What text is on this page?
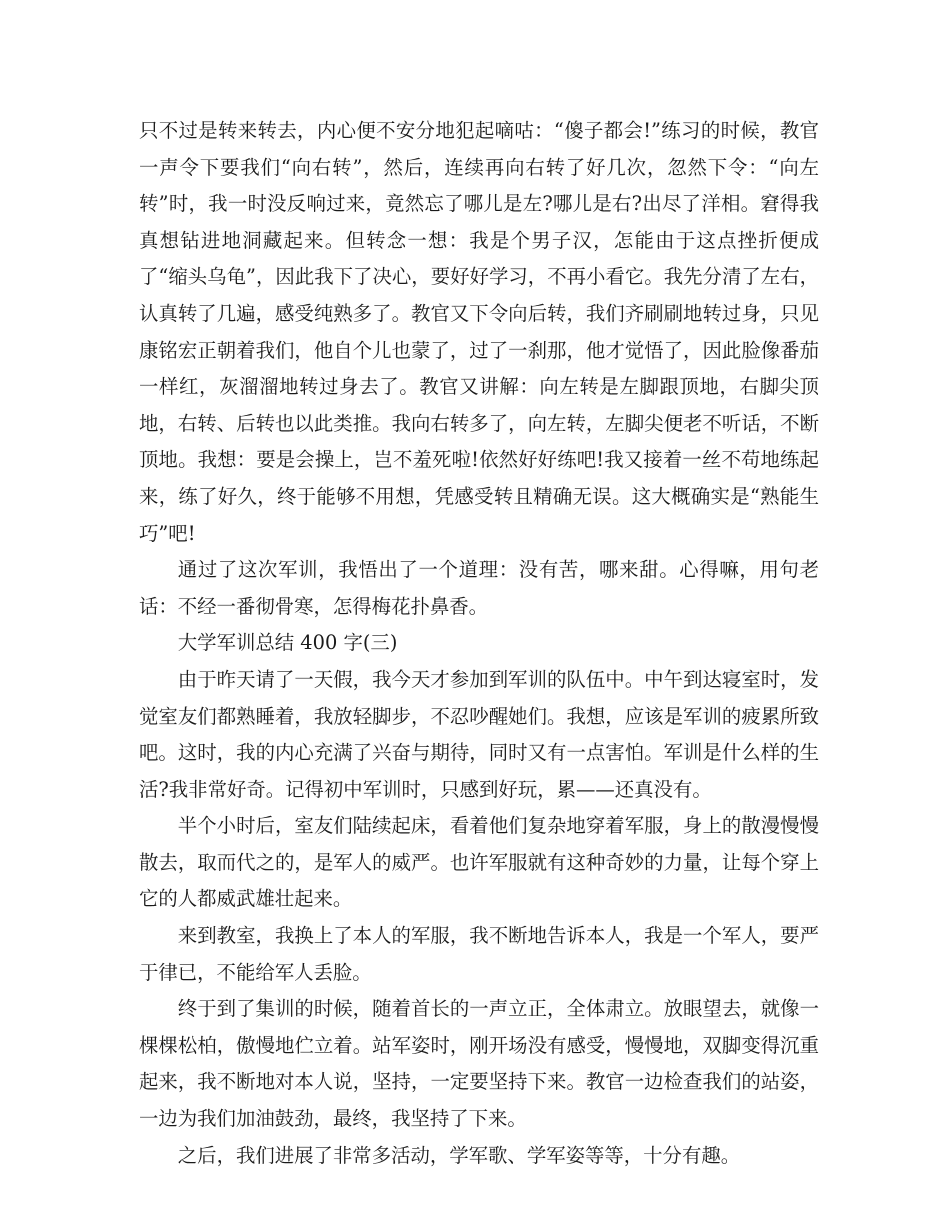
只不过是转来转去，内心便不安分地犯起嘀咕：“傻子都会!”练习的时候，教官一声令下要我们“向右转”，然后，连续再向右转了好几次，忽然下令：“向左转”时，我一时没反响过来，竟然忘了哪儿是左?哪儿是右?出尽了洋相。窘得我真想钻进地洞藏起来。但转念一想：我是个男子汉，怎能由于这点挫折便成了“缩头乌龟”，因此我下了决心，要好好学习，不再小看它。我先分清了左右，认真转了几遍，感受纯熟多了。教官又下令向后转，我们齐刷刷地转过身，只见康铭宏正朝着我们，他自个儿也蒙了，过了一刹那，他才觉悟了，因此脸像番茄一样红，灰溜溜地转过身去了。教官又讲解：向左转是左脚跟顶地，右脚尖顶地，右转、后转也以此类推。我向右转多了，向左转，左脚尖便老不听话，不断顶地。我想：要是会操上，岂不羞死啦!依然好好练吧!我又接着一丝不苟地练起来，练了好久，终于能够不用想，凭感受转且精确无误。这大概确实是“熟能生巧”吧!

通过了这次军训，我悟出了一个道理：没有苦，哪来甜。心得嘛，用句老话：不经一番彻骨寒，怎得梅花扑鼻香。

大学军训总结 400 字(三)

由于昨天请了一天假，我今天才参加到军训的队伍中。中午到达寝室时，发觉室友们都熟睡着，我放轻脚步，不忍吵醒她们。我想，应该是军训的疲累所致吧。这时，我的内心充满了兴奋与期待，同时又有一点害怕。军训是什么样的生活?我非常好奇。记得初中军训时，只感到好玩，累——还真没有。

半个小时后，室友们陆续起床，看着他们复杂地穿着军服，身上的散漫慢慢散去，取而代之的，是军人的威严。也许军服就有这种奇妙的力量，让每个穿上它的人都威武雄壮起来。

来到教室，我换上了本人的军服，我不断地告诉本人，我是一个军人，要严于律已，不能给军人丢脸。

终于到了集训的时候，随着首长的一声立正，全体肃立。放眼望去，就像一棵棵松柏，傲慢地伫立着。站军姿时，刚开场没有感受，慢慢地，双脚变得沉重起来，我不断地对本人说，坚持，一定要坚持下来。教官一边检查我们的站姿，一边为我们加油鼓劲，最终，我坚持了下来。

之后，我们进展了非常多活动，学军歌、学军姿等等，十分有趣。
